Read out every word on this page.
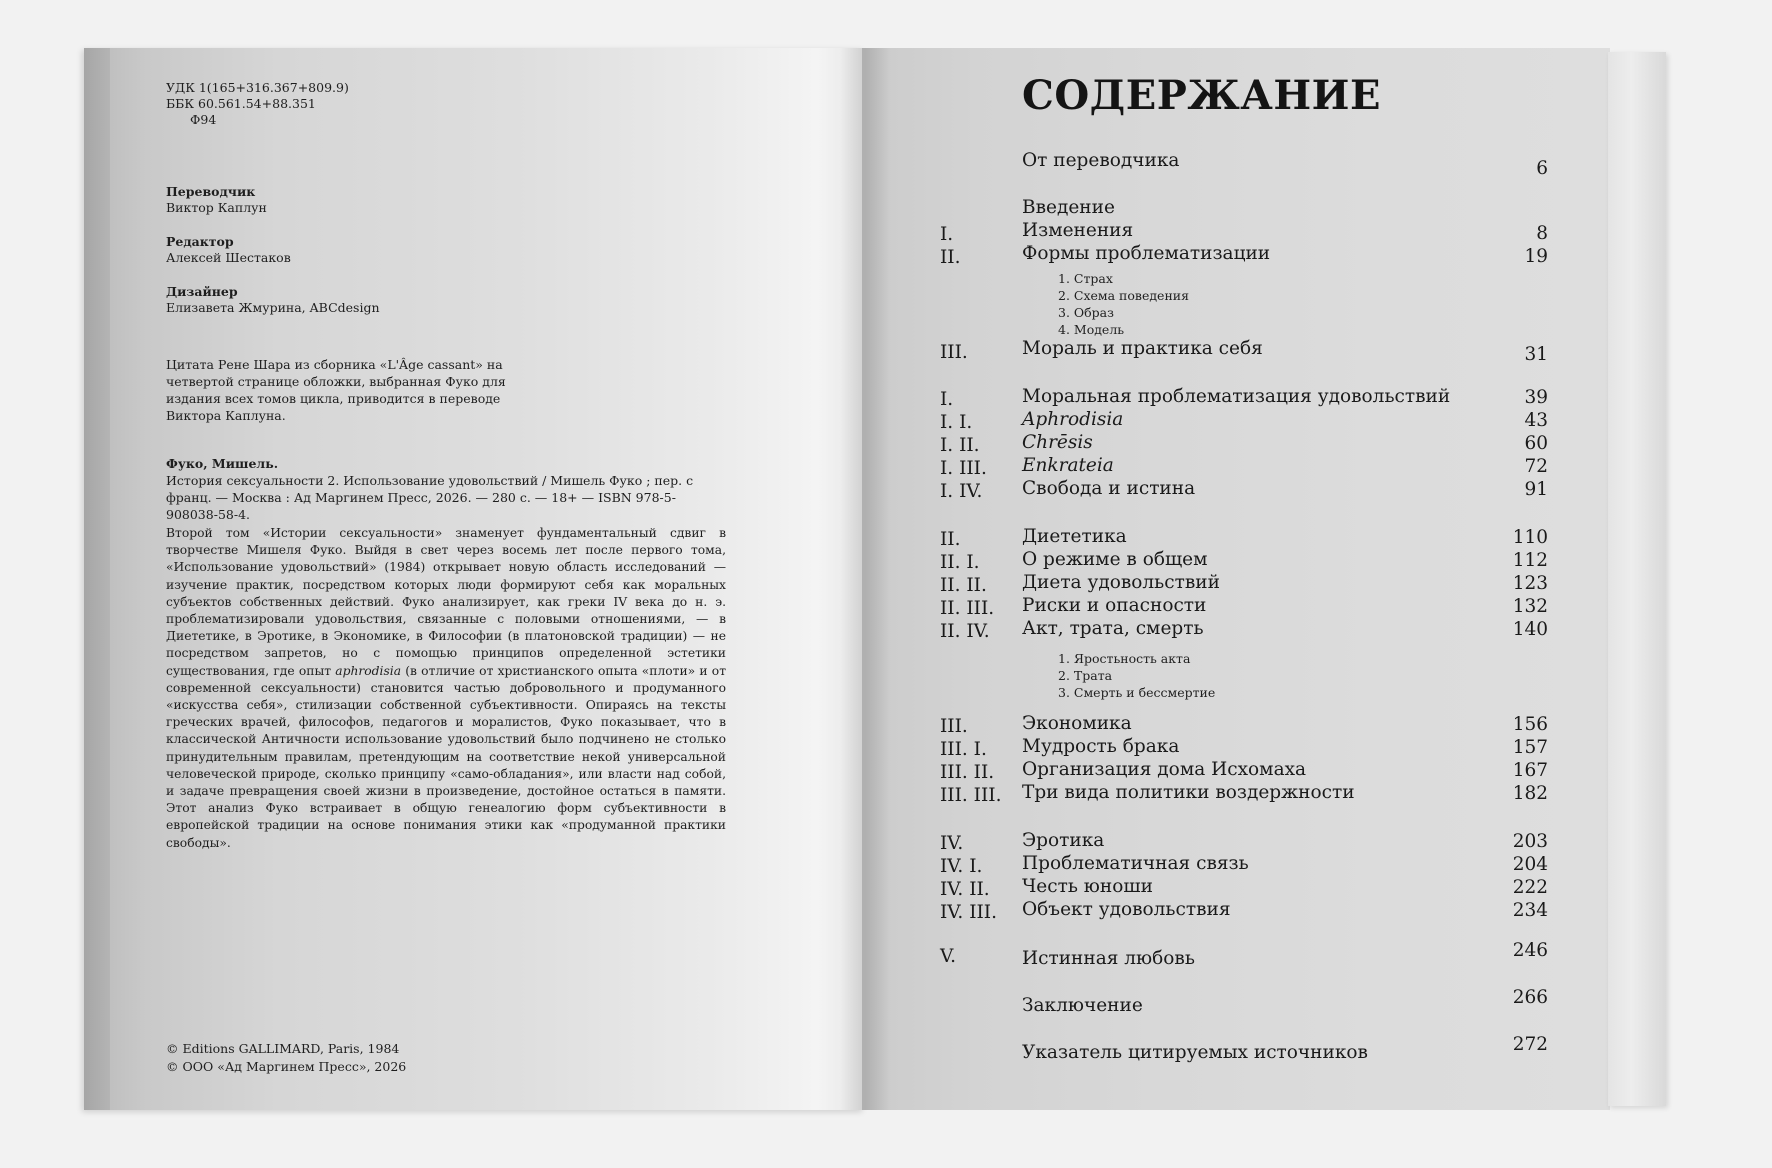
УДК 1(165+316.367+809.9)
ББК 60.561.54+88.351
Ф94
Переводчик
Виктор Каплун
Редактор
Алексей Шестаков
Дизайнер
Елизавета Жмурина, ABCdesign
Цитата Рене Шара из сборника «L'Âge cassant» на четвертой странице обложки, выбранная Фуко для издания всех томов цикла, приводится в переводе Виктора Каплуна.
Фуко, Мишель.
История сексуальности 2. Использование удовольствий / Мишель Фуко ; пер. с франц. — Москва : Ад Маргинем Пресс, 2026. — 280 с. — 18+ — ISBN 978-5-908038-58-4.
Второй том «Истории сексуальности» знаменует фундаментальный сдвиг в творчестве Мишеля Фуко. Выйдя в свет через восемь лет после первого тома, «Использование удовольствий» (1984) открывает новую область исследований — изучение практик, посредством которых люди формируют себя как моральных субъектов собственных действий. Фуко анализирует, как греки IV века до н. э. проблематизировали удовольствия, связанные с половыми отношениями, — в Диететике, в Эротике, в Экономике, в Философии (в платоновской традиции) — не посредством запретов, но с помощью принципов определенной эстетики существования, где опыт aphrodisia (в отличие от христианского опыта «плоти» и от современной сексуальности) становится частью добровольного и продуманного «искусства себя», стилизации собственной субъективности. Опираясь на тексты греческих врачей, философов, педагогов и моралистов, Фуко показывает, что в классической Античности использование удовольствий было подчинено не столько принудительным правилам, претендующим на соответствие некой универсальной человеческой природе, сколько принципу «само-обладания», или власти над собой, и задаче превращения своей жизни в произведение, достойное остаться в памяти. Этот анализ Фуко встраивает в общую генеалогию форм субъективности в европейской традиции на основе понимания этики как «продуманной практики свободы».
© Editions GALLIMARD, Paris, 1984
© ООО «Ад Маргинем Пресс», 2026
СОДЕРЖАНИЕ
От переводчика	6
Введение
I.	Изменения	8
II.	Формы проблематизации	19
III.	Мораль и практика себя	31
I.	Моральная проблематизация удовольствий	39
I. I.	Aphrodisia	43
I. II. Chrēsis	60
I. III. Enkrateia	72
I. IV. Свобода и истина	91
II.	Диететика	110
II. I. О режиме в общем	112
II. II. Диета удовольствий	123
II. III. Риски и опасности	132
II. IV. Акт, трата, смерть	140
III.	Экономика	156
III. I. Мудрость брака	157
III. II. Организация дома Исхомаха	167
III. III. Три вида политики воздержности	182
IV.	Эротика	203
IV. I. Проблематичная связь	204
IV. II. Честь юноши	222
IV. III. Объект удовольствия	234
V.	Истинная любовь	246
Заключение	266
Указатель цитируемых источников	272
1. Страх
2. Схема поведения
3. Образ
4. Модель
1. Яростьность акта
2. Трата
3. Смерть и бессмертие
